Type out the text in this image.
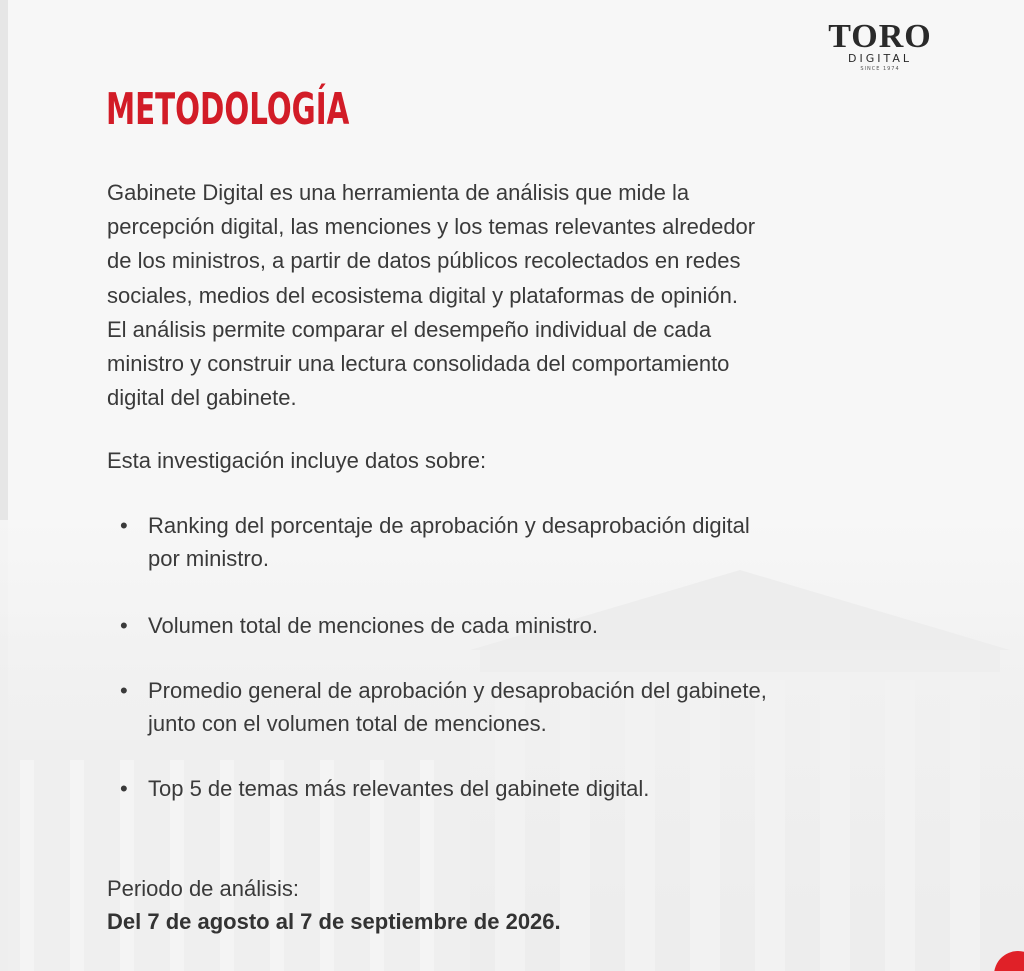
TORO
DIGITAL
SINCE 1974
METODOLOGÍA

Gabinete Digital es una herramienta de análisis que mide la
percepción digital, las menciones y los temas relevantes alrededor
de los ministros, a partir de datos públicos recolectados en redes
sociales, medios del ecosistema digital y plataformas de opinión.
El análisis permite comparar el desempeño individual de cada
ministro y construir una lectura consolidada del comportamiento
digital del gabinete.

Esta investigación incluye datos sobre:

• Ranking del porcentaje de aprobación y desaprobación digital
por ministro.
• Volumen total de menciones de cada ministro.
• Promedio general de aprobación y desaprobación del gabinete,
junto con el volumen total de menciones.
• Top 5 de temas más relevantes del gabinete digital.

Periodo de análisis:

Del 7 de agosto al 7 de septiembre de 2026.
